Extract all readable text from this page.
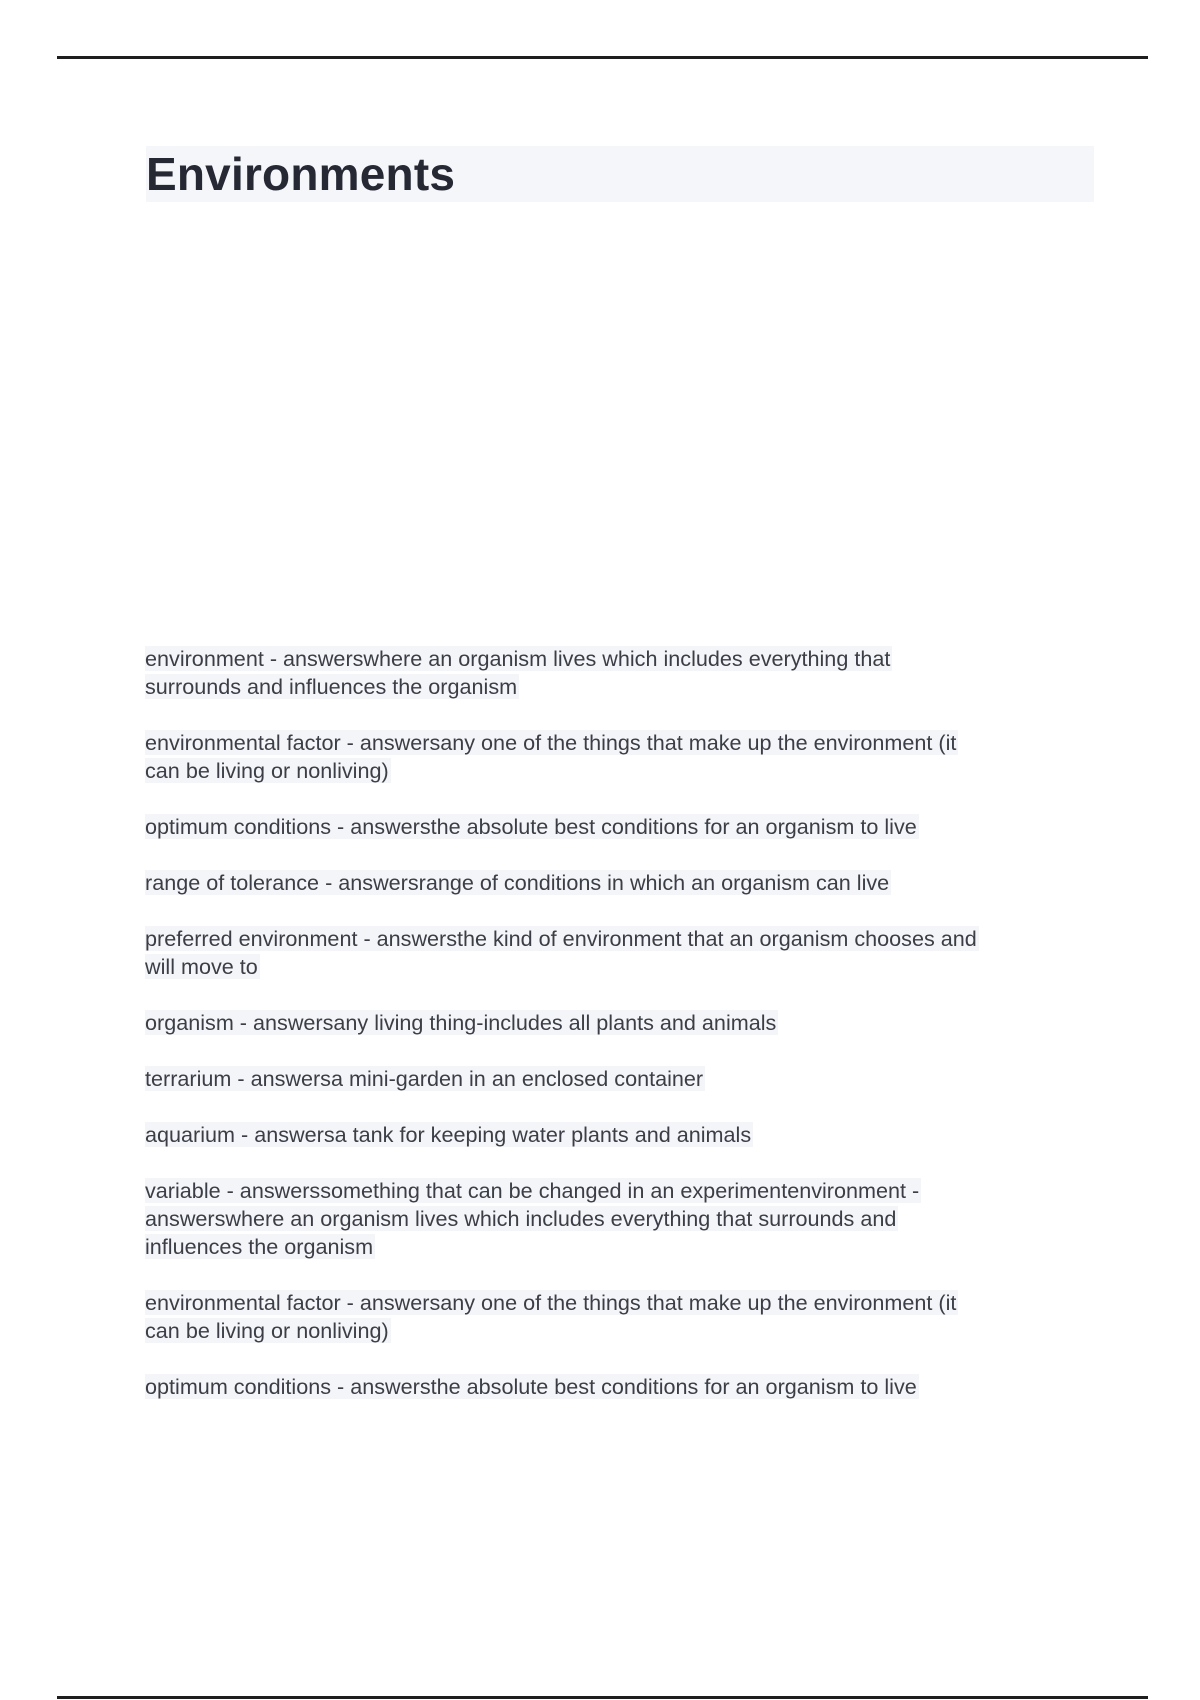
Environments

environment - answerswhere an organism lives which includes everything that
surrounds and influences the organism

environmental factor - answersany one of the things that make up the environment (it
can be living or nonliving)

optimum conditions - answersthe absolute best conditions for an organism to live

range of tolerance - answersrange of conditions in which an organism can live

preferred environment - answersthe kind of environment that an organism chooses and
will move to

organism - answersany living thing-includes all plants and animals

terrarium - answersa mini-garden in an enclosed container

aquarium - answersa tank for keeping water plants and animals

variable - answerssomething that can be changed in an experimentenvironment -
answerswhere an organism lives which includes everything that surrounds and
influences the organism

environmental factor - answersany one of the things that make up the environment (it
can be living or nonliving)

optimum conditions - answersthe absolute best conditions for an organism to live
